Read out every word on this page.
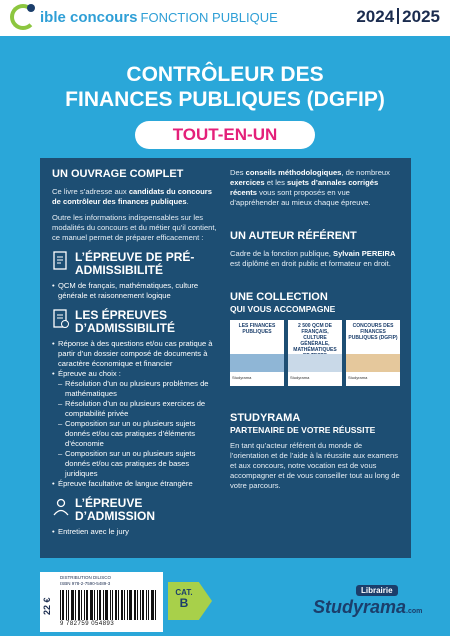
ible concours FONCTION PUBLIQUE	2024 2025
CONTRÔLEUR DES
FINANCES PUBLIQUES (DGFIP)
TOUT-EN-UN
UN OUVRAGE COMPLET
Ce livre s’adresse aux candidats du concours de contrôleur des finances publiques.
Outre les informations indispensables sur les modalités du concours et du métier qu’il contient, ce manuel permet de préparer efficacement :
L’ÉPREUVE DE PRÉ-ADMISSIBILITÉ
• QCM de français, mathématiques, culture générale et raisonnement logique
LES ÉPREUVES D’ADMISSIBILITÉ
• Réponse à des questions et/ou cas pratique à partir d’un dossier composé de documents à caractère économique et financier
• Épreuve au choix :
– Résolution d’un ou plusieurs problèmes de mathématiques
– Résolution d’un ou plusieurs exercices de comptabilité privée
– Composition sur un ou plusieurs sujets donnés et/ou cas pratiques d’éléments d’économie
– Composition sur un ou plusieurs sujets donnés et/ou cas pratiques de bases juridiques
• Épreuve facultative de langue étrangère
L’ÉPREUVE D’ADMISSION
• Entretien avec le jury
Des conseils méthodologiques, de nombreux exercices et les sujets d’annales corrigés récents vous sont proposés en vue d’appréhender au mieux chaque épreuve.
UN AUTEUR RÉFÉRENT
Cadre de la fonction publique, Sylvain PEREIRA est diplômé en droit public et formateur en droit.
UNE COLLECTION
QUI VOUS ACCOMPAGNE
LES FINANCES PUBLIQUES
Studyrama
2 500 QCM DE FRANÇAIS, CULTURE GÉNÉRALE, MATHÉMATIQUES
Studyrama
CONCOURS DES FINANCES PUBLIQUES (DGFIP)
Studyrama
STUDYRAMA
PARTENAIRE DE VOTRE RÉUSSITE
En tant qu’acteur référent du monde de l’orientation et de l’aide à la réussite aux examens et aux concours, notre vocation est de vous accompagner et de vous conseiller tout au long de votre parcours.
22 €
DISTRIBUTION DILISCO
ISBN 978-2-7590-5489-3
9 782759 054893
CAT.
B
Librairie
Studyrama.com
